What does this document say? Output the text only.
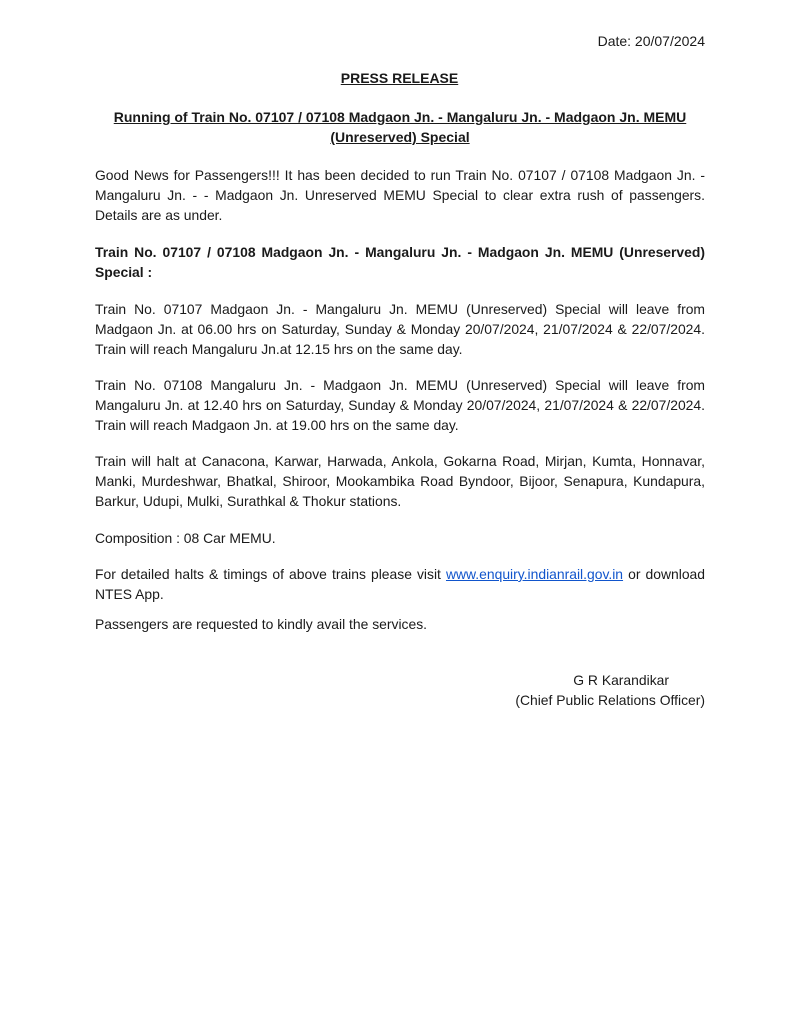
Date: 20/07/2024
PRESS RELEASE
Running of Train No. 07107 / 07108 Madgaon Jn. - Mangaluru Jn. - Madgaon Jn. MEMU (Unreserved) Special

Good News for Passengers!!! It has been decided to run Train No. 07107 / 07108 Madgaon Jn. - Mangaluru Jn. - - Madgaon Jn. Unreserved MEMU Special to clear extra rush of passengers. Details are as under.

Train No. 07107 / 07108 Madgaon Jn. - Mangaluru Jn. - Madgaon Jn. MEMU (Unreserved) Special :

Train No. 07107 Madgaon Jn. - Mangaluru Jn. MEMU (Unreserved) Special will leave from Madgaon Jn. at 06.00 hrs on Saturday, Sunday & Monday 20/07/2024, 21/07/2024 & 22/07/2024. Train will reach Mangaluru Jn.at 12.15 hrs on the same day.

Train No. 07108 Mangaluru Jn. - Madgaon Jn. MEMU (Unreserved) Special will leave from Mangaluru Jn. at 12.40 hrs on Saturday, Sunday & Monday 20/07/2024, 21/07/2024 & 22/07/2024. Train will reach Madgaon Jn. at 19.00 hrs on the same day.

Train will halt at Canacona, Karwar, Harwada, Ankola, Gokarna Road, Mirjan, Kumta, Honnavar, Manki, Murdeshwar, Bhatkal, Shiroor, Mookambika Road Byndoor, Bijoor, Senapura, Kundapura, Barkur, Udupi, Mulki, Surathkal & Thokur stations.

Composition : 08 Car MEMU.

For detailed halts & timings of above trains please visit www.enquiry.indianrail.gov.in or download NTES App.

Passengers are requested to kindly avail the services.

G R Karandikar
(Chief Public Relations Officer)
